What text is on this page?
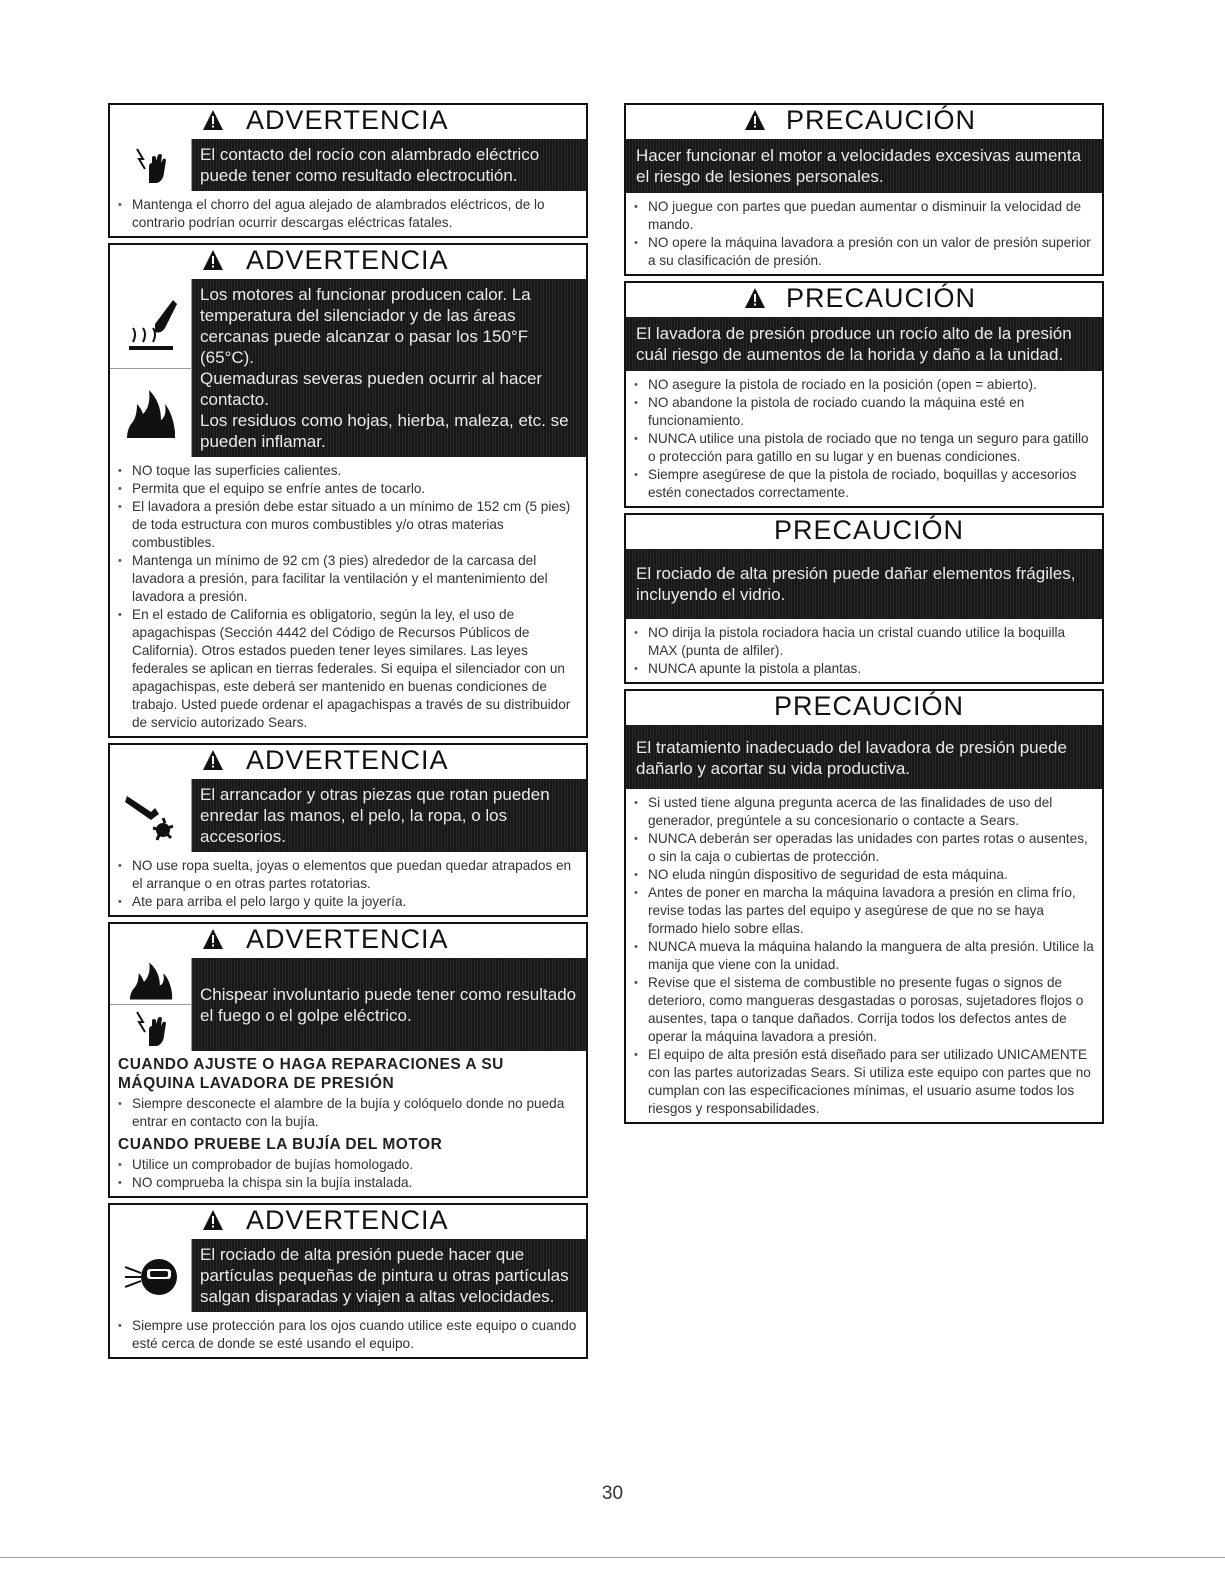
ADVERTENCIA
El contacto del rocío con alambrado eléctrico puede tener como resultado electrocutión.
• Mantenga el chorro del agua alejado de alambrados eléctricos, de lo contrario podrían ocurrir descargas eléctricas fatales.
ADVERTENCIA
Los motores al funcionar producen calor. La temperatura del silenciador y de las áreas cercanas puede alcanzar o pasar los 150°F (65°C).
Quemaduras severas pueden ocurrir al hacer contacto.
Los residuos como hojas, hierba, maleza, etc. se pueden inflamar.
• NO toque las superficies calientes.
• Permita que el equipo se enfríe antes de tocarlo.
• El lavadora a presión debe estar situado a un mínimo de 152 cm (5 pies) de toda estructura con muros combustibles y/o otras materias combustibles.
• Mantenga un mínimo de 92 cm (3 pies) alrededor de la carcasa del lavadora a presión, para facilitar la ventilación y el mantenimiento del lavadora a presión.
• En el estado de California es obligatorio, según la ley, el uso de apagachispas (Sección 4442 del Código de Recursos Públicos de California). Otros estados pueden tener leyes similares. Las leyes federales se aplican en tierras federales. Si equipa el silenciador con un apagachispas, este deberá ser mantenido en buenas condiciones de trabajo. Usted puede ordenar el apagachispas a través de su distribuidor de servicio autorizado Sears.
ADVERTENCIA
El arrancador y otras piezas que rotan pueden enredar las manos, el pelo, la ropa, o los accesorios.
• NO use ropa suelta, joyas o elementos que puedan quedar atrapados en el arranque o en otras partes rotatorias.
• Ate para arriba el pelo largo y quite la joyería.
ADVERTENCIA
Chispear involuntario puede tener como resultado el fuego o el golpe eléctrico.
CUANDO AJUSTE O HAGA REPARACIONES A SU MÁQUINA LAVADORA DE PRESIÓN
• Siempre desconecte el alambre de la bujía y colóquelo donde no pueda entrar en contacto con la bujía.
CUANDO PRUEBE LA BUJÍA DEL MOTOR
• Utilice un comprobador de bujías homologado.
• NO comprueba la chispa sin la bujía instalada.
ADVERTENCIA
El rociado de alta presión puede hacer que partículas pequeñas de pintura u otras partículas salgan disparadas y viajen a altas velocidades.
• Siempre use protección para los ojos cuando utilice este equipo o cuando esté cerca de donde se esté usando el equipo.
PRECAUCIÓN
Hacer funcionar el motor a velocidades excesivas aumenta el riesgo de lesiones personales.
• NO juegue con partes que puedan aumentar o disminuir la velocidad de mando.
• NO opere la máquina lavadora a presión con un valor de presión superior a su clasificación de presión.
PRECAUCIÓN
El lavadora de presión produce un rocío alto de la presión cuál riesgo de aumentos de la horida y daño a la unidad.
• NO asegure la pistola de rociado en la posición (open = abierto).
• NO abandone la pistola de rociado cuando la máquina esté en funcionamiento.
• NUNCA utilice una pistola de rociado que no tenga un seguro para gatillo o protección para gatillo en su lugar y en buenas condiciones.
• Siempre asegúrese de que la pistola de rociado, boquillas y accesorios estén conectados correctamente.
PRECAUCIÓN
El rociado de alta presión puede dañar elementos frágiles, incluyendo el vidrio.
• NO dirija la pistola rociadora hacia un cristal cuando utilice la boquilla MAX (punta de alfiler).
• NUNCA apunte la pistola a plantas.
PRECAUCIÓN
El tratamiento inadecuado del lavadora de presión puede dañarlo y acortar su vida productiva.
• Si usted tiene alguna pregunta acerca de las finalidades de uso del generador, pregúntele a su concesionario o contacte a Sears.
• NUNCA deberán ser operadas las unidades con partes rotas o ausentes, o sin la caja o cubiertas de protección.
• NO eluda ningún dispositivo de seguridad de esta máquina.
• Antes de poner en marcha la máquina lavadora a presión en clima frío, revise todas las partes del equipo y asegúrese de que no se haya formado hielo sobre ellas.
• NUNCA mueva la máquina halando la manguera de alta presión. Utilice la manija que viene con la unidad.
• Revise que el sistema de combustible no presente fugas o signos de deterioro, como mangueras desgastadas o porosas, sujetadores flojos o ausentes, tapa o tanque dañados. Corrija todos los defectos antes de operar la máquina lavadora a presión.
• El equipo de alta presión está diseñado para ser utilizado UNICAMENTE con las partes autorizadas Sears. Si utiliza este equipo con partes que no cumplan con las especificaciones mínimas, el usuario asume todos los riesgos y responsabilidades.
30
